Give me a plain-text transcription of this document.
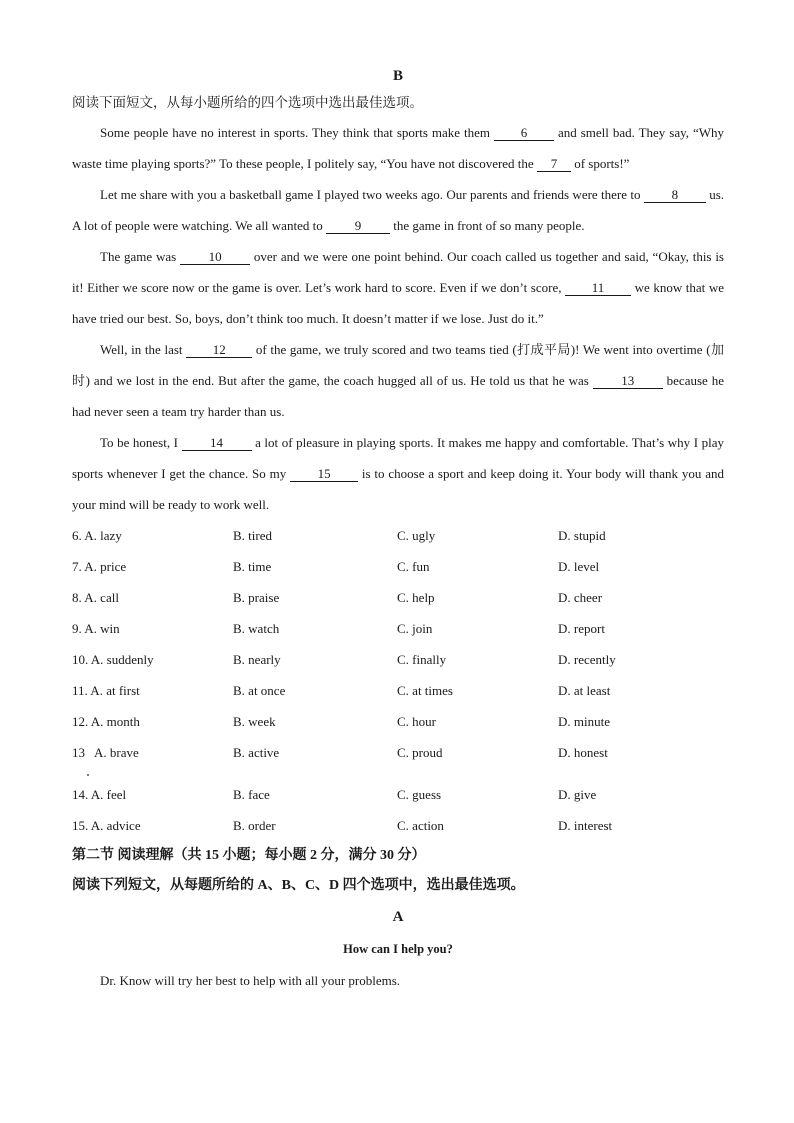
B
阅读下面短文，从每小题所给的四个选项中选出最佳选项。

Some people have no interest in sports. They think that sports make them 6 and smell bad. They say, “Why waste time playing sports?” To these people, I politely say, “You have not discovered the 7 of sports!”

Let me share with you a basketball game I played two weeks ago. Our parents and friends were there to 8 us. A lot of people were watching. We all wanted to 9 the game in front of so many people.

The game was 10 over and we were one point behind. Our coach called us together and said, “Okay, this is it! Either we score now or the game is over. Let’s work hard to score. Even if we don’t score, 11 we know that we have tried our best. So, boys, don’t think too much. It doesn’t matter if we lose. Just do it.”

Well, in the last 12 of the game, we truly scored and two teams tied (打成平局)! We went into overtime (加时) and we lost in the end. But after the game, the coach hugged all of us. He told us that he was 13 because he had never seen a team try harder than us.

To be honest, I 14 a lot of pleasure in playing sports. It makes me happy and comfortable. That’s why I play sports whenever I get the chance. So my 15 is to choose a sport and keep doing it. Your body will thank you and your mind will be ready to work well.

6. A. lazy	B. tired	C. ugly	D. stupid
7. A. price	B. time	C. fun	D. level
8. A. call	B. praise	C. help	D. cheer
9. A. win	B. watch	C. join	D. report
10. A. suddenly	B. nearly	C. finally	D. recently
11. A. at first	B. at once	C. at times	D. at least
12. A. month	B. week	C. hour	D. minute
13   A. brave	B. active	C. proud	D. honest
14. A. feel	B. face	C. guess	D. give
15. A. advice	B. order	C. action	D. interest
第二节 阅读理解（共 15 小题；每小题 2 分，满分 30 分）
阅读下列短文，从每题所给的 A、B、C、D 四个选项中，选出最佳选项。
A
How can I help you?

Dr. Know will try her best to help with all your problems.
